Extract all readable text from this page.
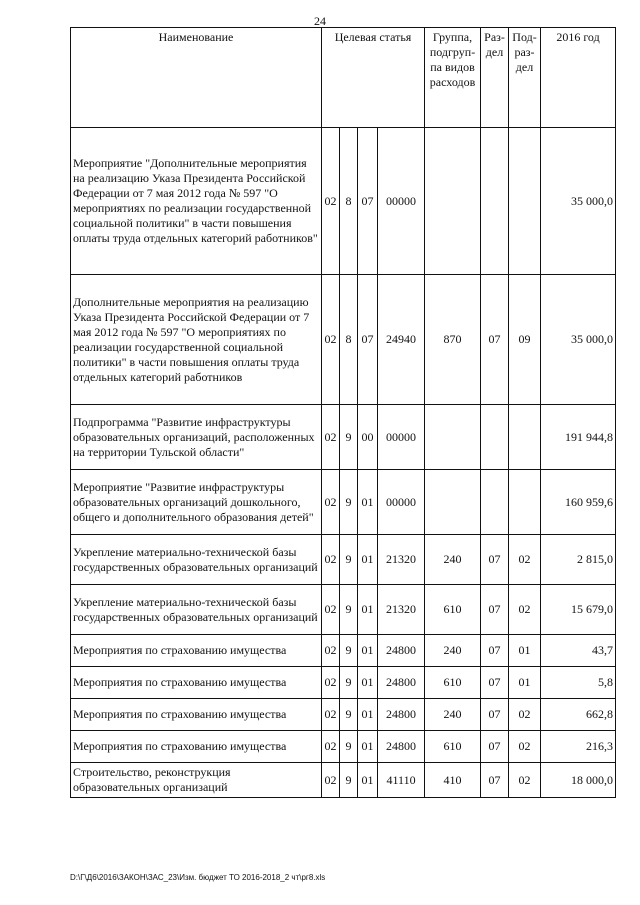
24
Наименование	Целевая статья				Группа, подгруп-па видов расходов	Раз-дел	Под-раз-дел	2016 год
Мероприятие "Дополнительные мероприятия на реализацию Указа Президента Российской Федерации от 7 мая 2012 года № 597 "О мероприятиях по реализации государственной социальной политики" в части повышения оплаты труда отдельных категорий работников"	02	8	07	00000				35 000,0
Дополнительные мероприятия на реализацию Указа Президента Российской Федерации от 7 мая 2012 года № 597 "О мероприятиях по реализации государственной социальной политики" в части повышения оплаты труда отдельных категорий работников	02	8	07	24940	870	07	09	35 000,0
Подпрограмма "Развитие инфраструктуры образовательных организаций, расположенных на территории Тульской области"	02	9	00	00000				191 944,8
Мероприятие "Развитие инфраструктуры образовательных организаций дошкольного, общего и дополнительного образования детей"	02	9	01	00000				160 959,6
Укрепление материально-технической базы государственных образовательных организаций	02	9	01	21320	240	07	02	2 815,0
Укрепление материально-технической базы государственных образовательных организаций	02	9	01	21320	610	07	02	15 679,0
Мероприятия по страхованию имущества	02	9	01	24800	240	07	01	43,7
Мероприятия по страхованию имущества	02	9	01	24800	610	07	01	5,8
Мероприятия по страхованию имущества	02	9	01	24800	240	07	02	662,8
Мероприятия по страхованию имущества	02	9	01	24800	610	07	02	216,3
Строительство, реконструкция образовательных организаций	02	9	01	41110	410	07	02	18 000,0
D:\Г\Д6\2016\ЗАКОН\ЗАС_23\Изм. бюджет ТО 2016-2018_2 чт\рг8.xls
